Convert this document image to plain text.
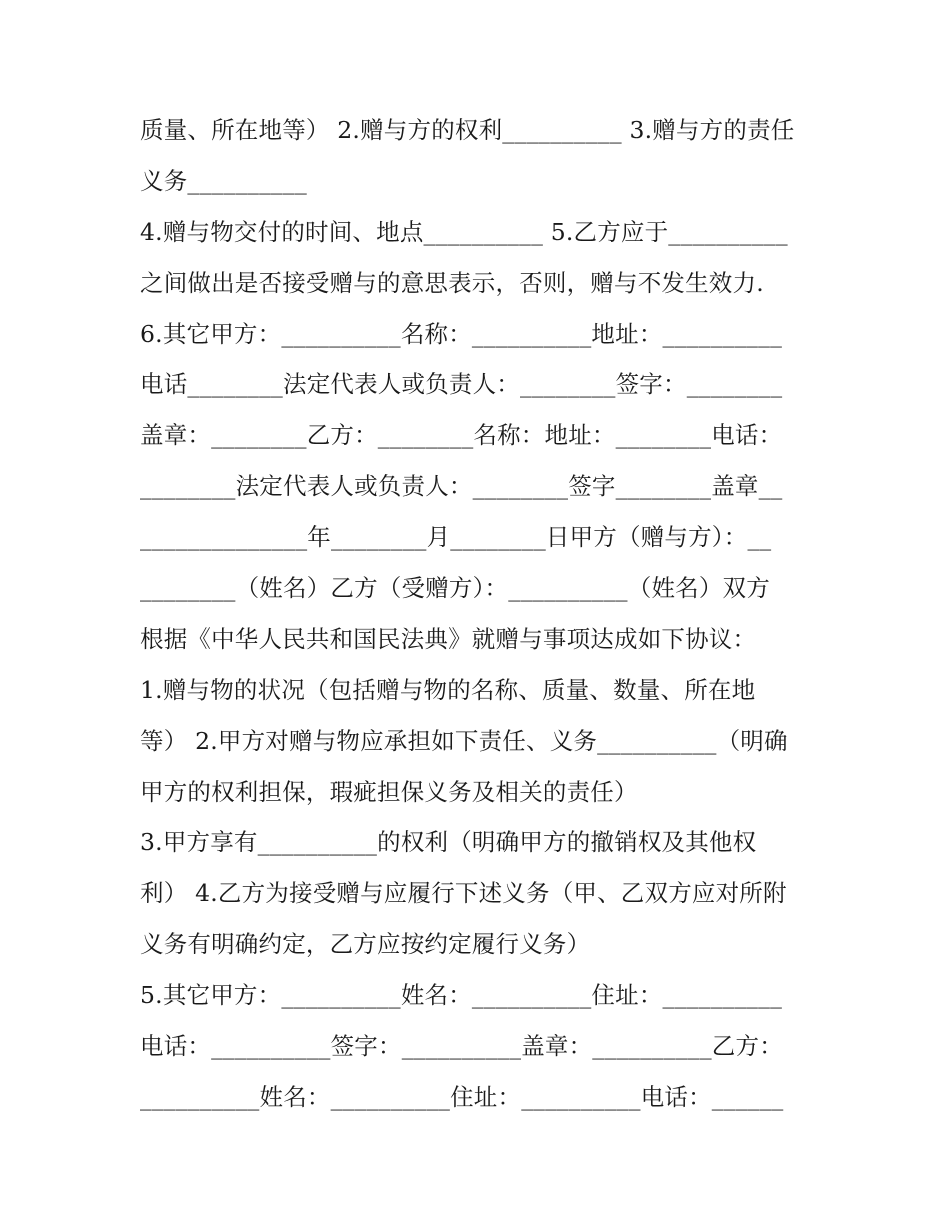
质量、所在地等） 2.赠与方的权利__________ 3.赠与方的责任
义务__________
4.赠与物交付的时间、地点__________ 5.乙方应于__________
之间做出是否接受赠与的意思表示，否则，赠与不发生效力.
6.其它甲方：__________名称：__________地址：__________
电话________法定代表人或负责人：________签字：________
盖章：________乙方：________名称：地址：________电话：
________法定代表人或负责人：________签字________盖章__
______________年________月________日甲方（赠与方）：__
________（姓名）乙方（受赠方）：__________（姓名）双方
根据《中华人民共和国民法典》就赠与事项达成如下协议：
1.赠与物的状况（包括赠与物的名称、质量、数量、所在地
等） 2.甲方对赠与物应承担如下责任、义务__________（明确
甲方的权利担保，瑕疵担保义务及相关的责任）
3.甲方享有__________的权利（明确甲方的撤销权及其他权
利） 4.乙方为接受赠与应履行下述义务（甲、乙双方应对所附
义务有明确约定，乙方应按约定履行义务）
5.其它甲方：__________姓名：__________住址：__________
电话：__________签字：__________盖章：__________乙方：
__________姓名：__________住址：__________电话：______
